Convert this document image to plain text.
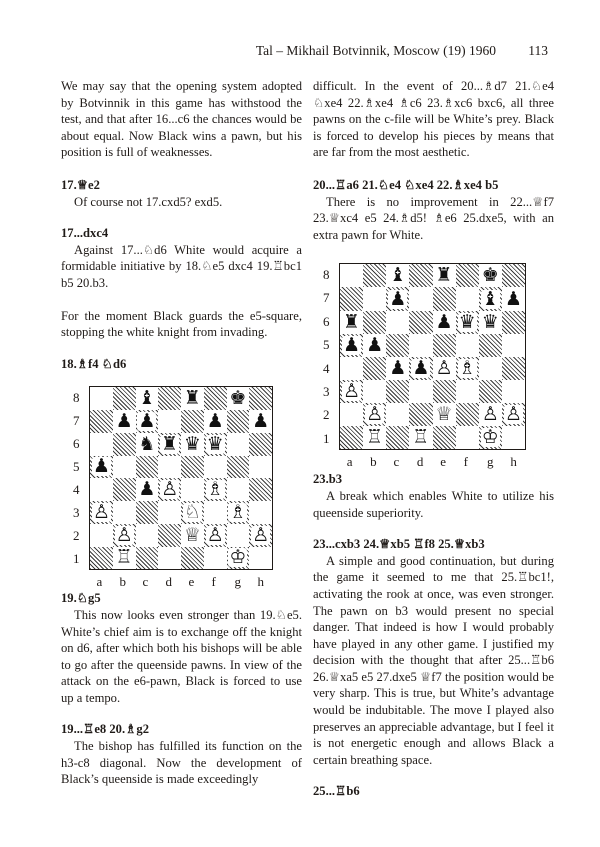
Tal – Mikhail Botvinnik, Moscow (19) 1960 113

We may say that the opening system adopted by Botvinnik in this game has withstood the test, and that after 16...c6 the chances would be about equal. Now Black wins a pawn, but his position is full of weaknesses.

17.♕e2

Of course not 17.cxd5? exd5.

17...dxc4

Against 17...♘d6 White would acquire a formidable initiative by 18.♘e5 dxc4 19.♖bc1 b5 20.b3.

For the moment Black guards the e5-square, stopping the white knight from invading.

18.♗f4 ♘d6

♝ ♜ ♚
♟ ♟	♟ ♟
♞ ♜ ♛ ♛
♟
♟ ♙ ♗
♙	♘ ♗
♙	♕ ♙ ♙
♖	♔
8
7
6
5
4
3
2
1
a b c d e f g h

19.♘g5

This now looks even stronger than 19.♘e5. White’s chief aim is to exchange off the knight on d6, after which both his bishops will be able to go after the queenside pawns. In view of the attack on the e6-pawn, Black is forced to use up a tempo.

19...♖e8 20.♗g2

The bishop has fulfilled its function on the h3-c8 diagonal. Now the development of Black’s queenside is made exceedingly

difficult. In the event of 20...♗d7 21.♘e4 ♘xe4 22.♗xe4 ♗c6 23.♗xc6 bxc6, all three pawns on the c-file will be White’s prey. Black is forced to develop his pieces by means that are far from the most aesthetic.

20...♖a6 21.♘e4 ♘xe4 22.♗xe4 b5

There is no improvement in 22...♕f7 23.♕xc4 e5 24.♗d5! ♗e6 25.dxe5, with an extra pawn for White.

♝ ♜ ♚
♟	♝ ♟
♜	♟ ♛ ♛
♟ ♟
♟ ♟ ♙ ♗
♙
♙	♕ ♙ ♙
♖ ♖	♔
8
7
6
5
4
3
2
1
a b c d e f g h

23.b3

A break which enables White to utilize his queenside superiority.

23...cxb3 24.♕xb5 ♖f8 25.♕xb3

A simple and good continuation, but during the game it seemed to me that 25.♖bc1!, activating the rook at once, was even stronger. The pawn on b3 would present no special danger. That indeed is how I would probably have played in any other game. I justified my decision with the thought that after 25...♖b6 26.♕xa5 e5 27.dxe5 ♕f7 the position would be very sharp. This is true, but White’s advantage would be indubitable. The move I played also preserves an appreciable advantage, but I feel it is not energetic enough and allows Black a certain breathing space.

25...♖b6
